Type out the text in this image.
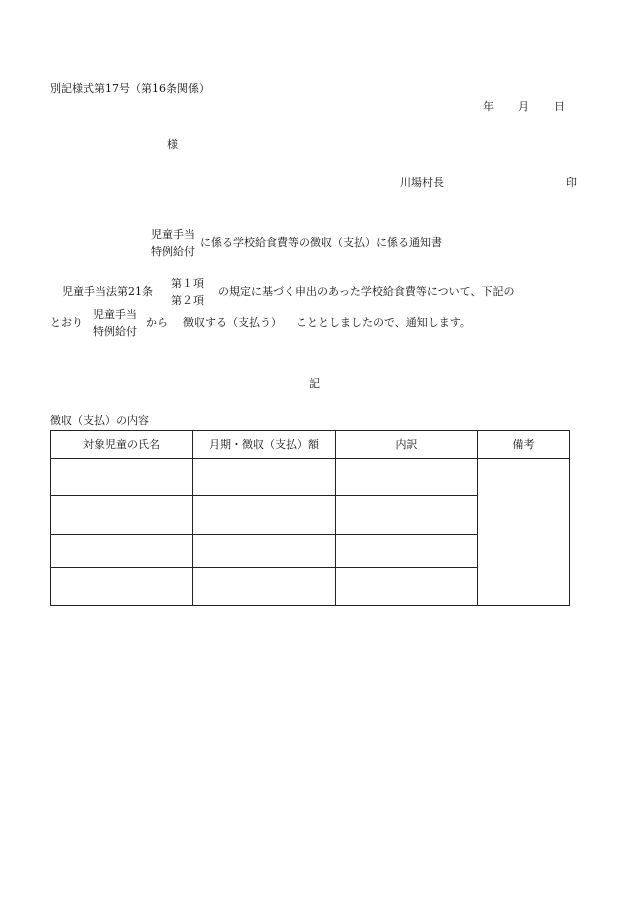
別記様式第17号（第16条関係）
年 月 日
様
川場村長	印
児童手当
特例給付
に係る学校給食費等の徴収（支払）に係る通知書
児童手当法第21条
第１項
第２項
の規定に基づく申出のあった学校給食費等について、下記の
とおり
児童手当
特例給付
から 徴収する（支払う） こととしましたので、通知します。
記
徴収（支払）の内容
対象児童の氏名	月期・徴収（支払）額	内訳	備考
